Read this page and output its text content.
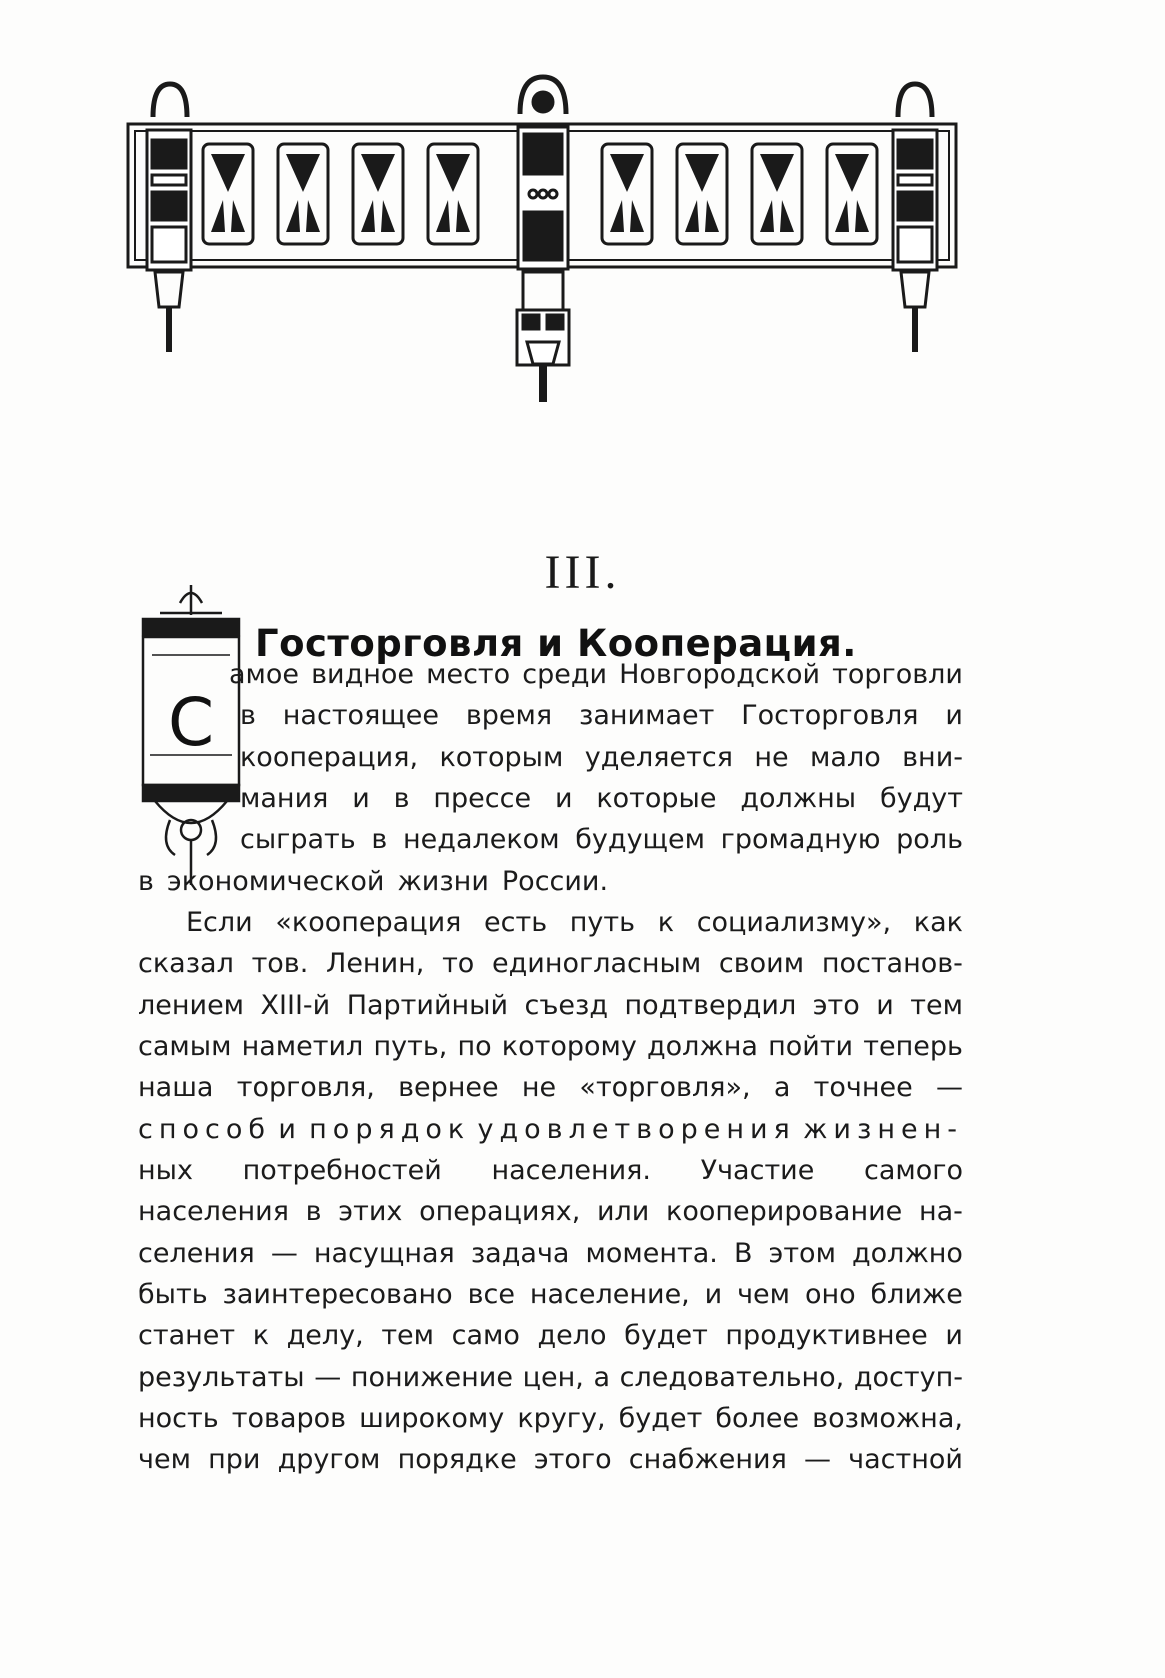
III.
С
Госторговля и Кооперация.
амое видное место среди Новгородской торговли
в настоящее время занимает Госторговля и
кооперация, которым уделяется не мало вни-
мания и в прессе и которые должны будут
сыграть в недалеком будущем громадную роль
в экономической жизни России.
Если «кооперация есть путь к социализму», как
сказал тов. Ленин, то единогласным своим постанов-
лением XIII-й Партийный съезд подтвердил это и тем
самым наметил путь, по которому должна пойти теперь
наша торговля, вернее не «торговля», а точнее —
способ и порядок удовлетворения жизнен-
ных потребностей населения. Участие самого
населения в этих операциях, или кооперирование на-
селения — насущная задача момента. В этом должно
быть заинтересовано все население, и чем оно ближе
станет к делу, тем само дело будет продуктивнее и
результаты — понижение цен, а следовательно, доступ-
ность товаров широкому кругу, будет более возможна,
чем при другом порядке этого снабжения — частной
